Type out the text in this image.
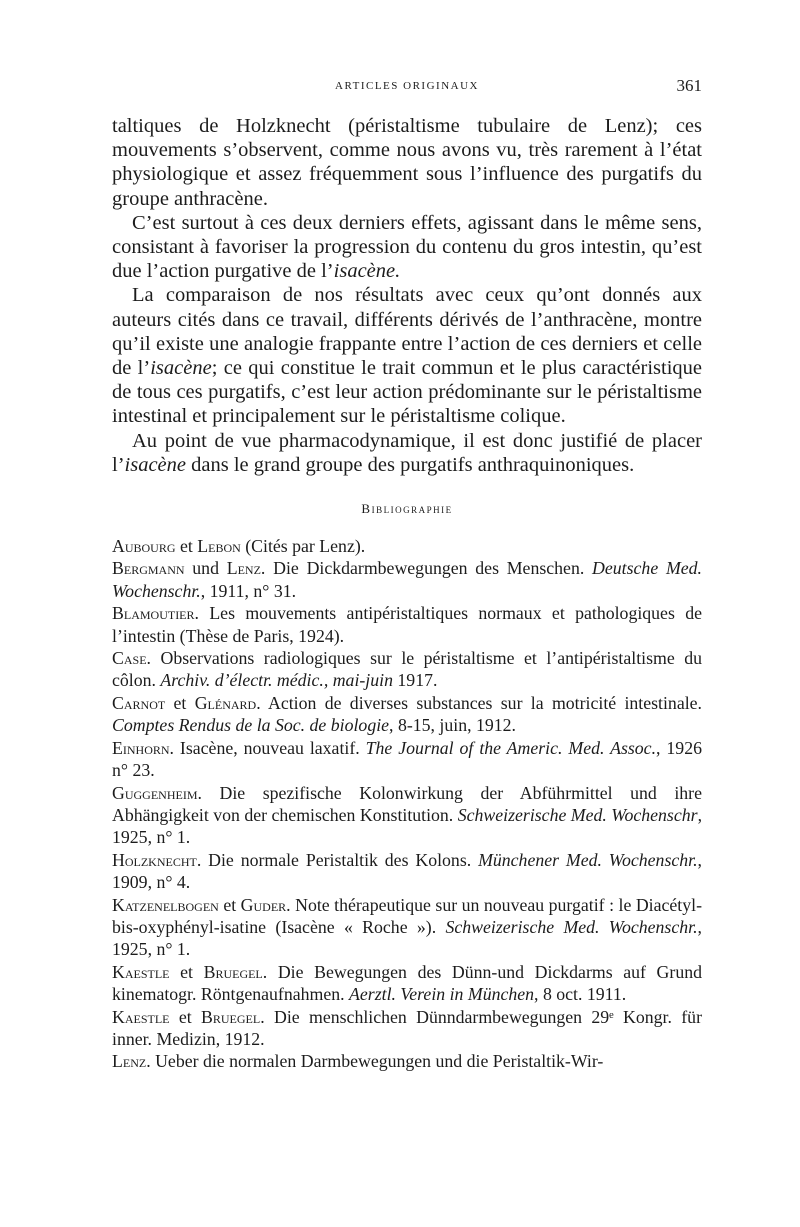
ARTICLES ORIGINAUX	361

taltiques de Holzknecht (péristaltisme tubulaire de Lenz); ces mouvements s’observent, comme nous avons vu, très rarement à l’état physiologique et assez fréquemment sous l’influence des purgatifs du groupe anthracène.

C’est surtout à ces deux derniers effets, agissant dans le même sens, consistant à favoriser la progression du contenu du gros intestin, qu’est due l’action purgative de l’isacène.

La comparaison de nos résultats avec ceux qu’ont donnés aux auteurs cités dans ce travail, différents dérivés de l’anthracène, montre qu’il existe une analogie frappante entre l’action de ces derniers et celle de l’isacène; ce qui constitue le trait commun et le plus caractéristique de tous ces purgatifs, c’est leur action prédominante sur le péristaltisme intestinal et principalement sur le péristaltisme colique.

Au point de vue pharmacodynamique, il est donc justifié de placer l’isacène dans le grand groupe des purgatifs anthraquinoniques.

Bibliographie
Aubourg et Lebon (Cités par Lenz).
Bergmann und Lenz. Die Dickdarmbewegungen des Menschen. Deutsche Med. Wochenschr., 1911, n° 31.
Blamoutier. Les mouvements antipéristaltiques normaux et pathologiques de l’intestin (Thèse de Paris, 1924).
Case. Observations radiologiques sur le péristaltisme et l’antipéristaltisme du côlon. Archiv. d’électr. médic., mai-juin 1917.
Carnot et Glénard. Action de diverses substances sur la motricité intestinale. Comptes Rendus de la Soc. de biologie, 8-15, juin, 1912.
Einhorn. Isacène, nouveau laxatif. The Journal of the Americ. Med. Assoc., 1926 n° 23.
Guggenheim. Die spezifische Kolonwirkung der Abführmittel und ihre Abhängigkeit von der chemischen Konstitution. Schweizerische Med. Wochenschr, 1925, n° 1.
Holzknecht. Die normale Peristaltik des Kolons. Münchener Med. Wochenschr., 1909, n° 4.
Katzenelbogen et Guder. Note thérapeutique sur un nouveau purgatif : le Diacétyl-bis-oxyphényl-isatine (Isacène « Roche »). Schweizerische Med. Wochenschr., 1925, n° 1.
Kaestle et Bruegel. Die Bewegungen des Dünn-und Dickdarms auf Grund kinematogr. Röntgenaufnahmen. Aerztl. Verein in München, 8 oct. 1911.
Kaestle et Bruegel. Die menschlichen Dünndarmbewegungen 29ᵉ Kongr. für inner. Medizin, 1912.
Lenz. Ueber die normalen Darmbewegungen und die Peristaltik-Wir-
